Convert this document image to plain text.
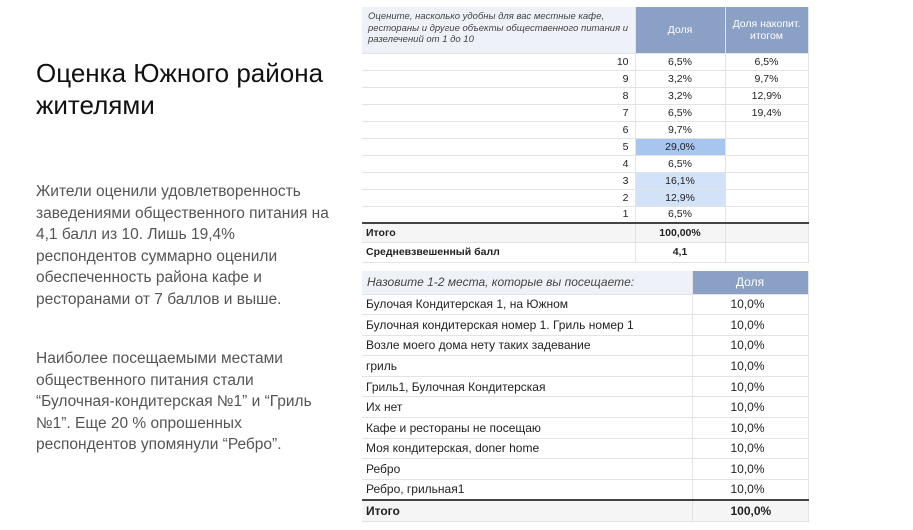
Оценка Южного района жителями
Жители оценили удовлетворенность заведениями общественного питания на 4,1 балл из 10. Лишь 19,4% респондентов суммарно оценили обеспеченность района кафе и ресторанами от 7 баллов и выше.
Наиболее посещаемыми местами общественного питания стали “Булочная-кондитерская №1” и “Гриль №1”. Еще 20 % опрошенных респондентов упомянули “Ребро”.
Оцените, насколько удобны для вас местные кафе, рестораны и другие объекты общественного питания и разелечений от 1 до 10	Доля	Доля накопит. итогом
10	6,5%	6,5%
9	3,2%	9,7%
8	3,2%	12,9%
7	6,5%	19,4%
6	9,7%	
5	29,0%	
4	6,5%	
3	16,1%	
2	12,9%	
1	6,5%	
Итого	100,00%	
Средневзвешенный балл	4,1	
Назовите 1-2 места, которые вы посещаете:	Доля
Булочая Кондитерская 1, на Южном	10,0%
Булочная кондитерская номер 1. Гриль номер 1	10,0%
Возле моего дома нету таких задевание	10,0%
гриль	10,0%
Гриль1, Булочная Кондитерская	10,0%
Их нет	10,0%
Кафе и рестораны не посещаю	10,0%
Моя кондитерская, doner home	10,0%
Ребро	10,0%
Ребро, грильная1	10,0%
Итого	100,0%
